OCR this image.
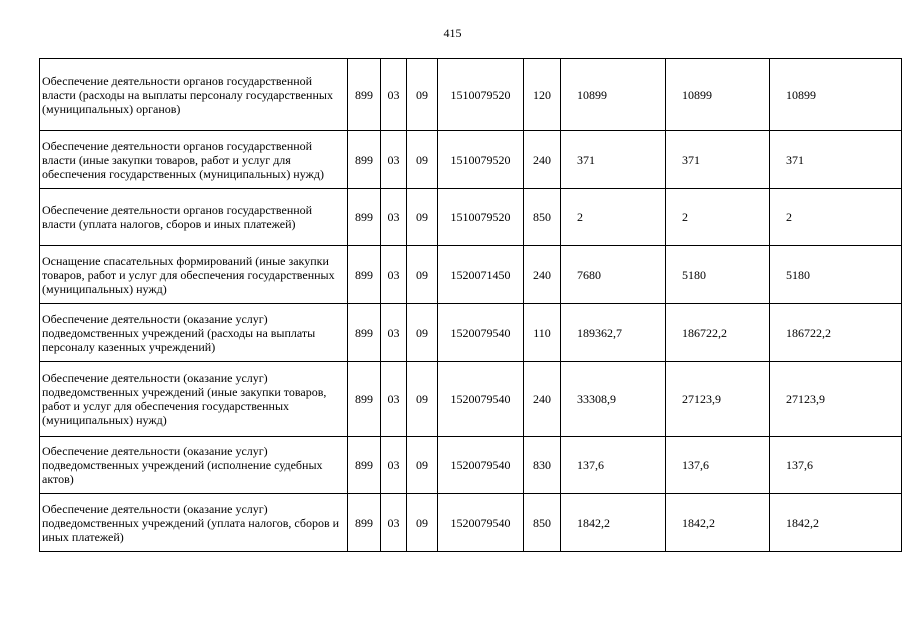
415
Обеспечение деятельности органов государственной власти (расходы на выплаты персоналу государственных (муниципальных) органов)	899	03	09	1510079520	120	10899	10899	10899
Обеспечение деятельности органов государственной власти (иные закупки товаров, работ и услуг для обеспечения государственных (муниципальных) нужд)	899	03	09	1510079520	240	371	371	371
Обеспечение деятельности органов государственной власти (уплата налогов, сборов и иных платежей)	899	03	09	1510079520	850	2	2	2
Оснащение спасательных формирований (иные закупки товаров, работ и услуг для обеспечения государственных (муниципальных) нужд)	899	03	09	1520071450	240	7680	5180	5180
Обеспечение деятельности (оказание услуг) подведомственных учреждений (расходы на выплаты персоналу казенных учреждений)	899	03	09	1520079540	110	189362,7	186722,2	186722,2
Обеспечение деятельности (оказание услуг) подведомственных учреждений (иные закупки товаров, работ и услуг для обеспечения государственных (муниципальных) нужд)	899	03	09	1520079540	240	33308,9	27123,9	27123,9
Обеспечение деятельности (оказание услуг) подведомственных учреждений (исполнение судебных актов)	899	03	09	1520079540	830	137,6	137,6	137,6
Обеспечение деятельности (оказание услуг) подведомственных учреждений (уплата налогов, сборов и иных платежей)	899	03	09	1520079540	850	1842,2	1842,2	1842,2
